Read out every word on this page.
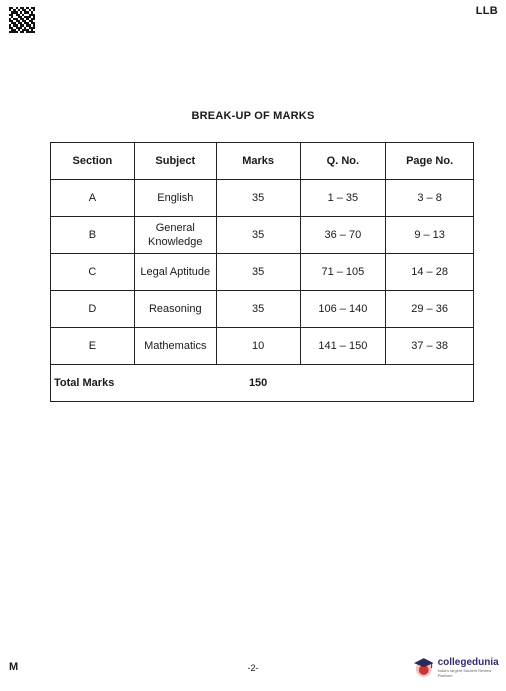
LLB
BREAK-UP OF MARKS
Section	Subject	Marks	Q. No.	Page No.
A	English	35	1 – 35	3 – 8
B	General Knowledge	35	36 – 70	9 – 13
C	Legal Aptitude	35	71 – 105	14 – 28
D	Reasoning	35	106 – 140	29 – 36
E	Mathematics	10	141 – 150	37 – 38
Total Marks		150		
M	-2-
collegedunia
India's largest Student Review Platform
